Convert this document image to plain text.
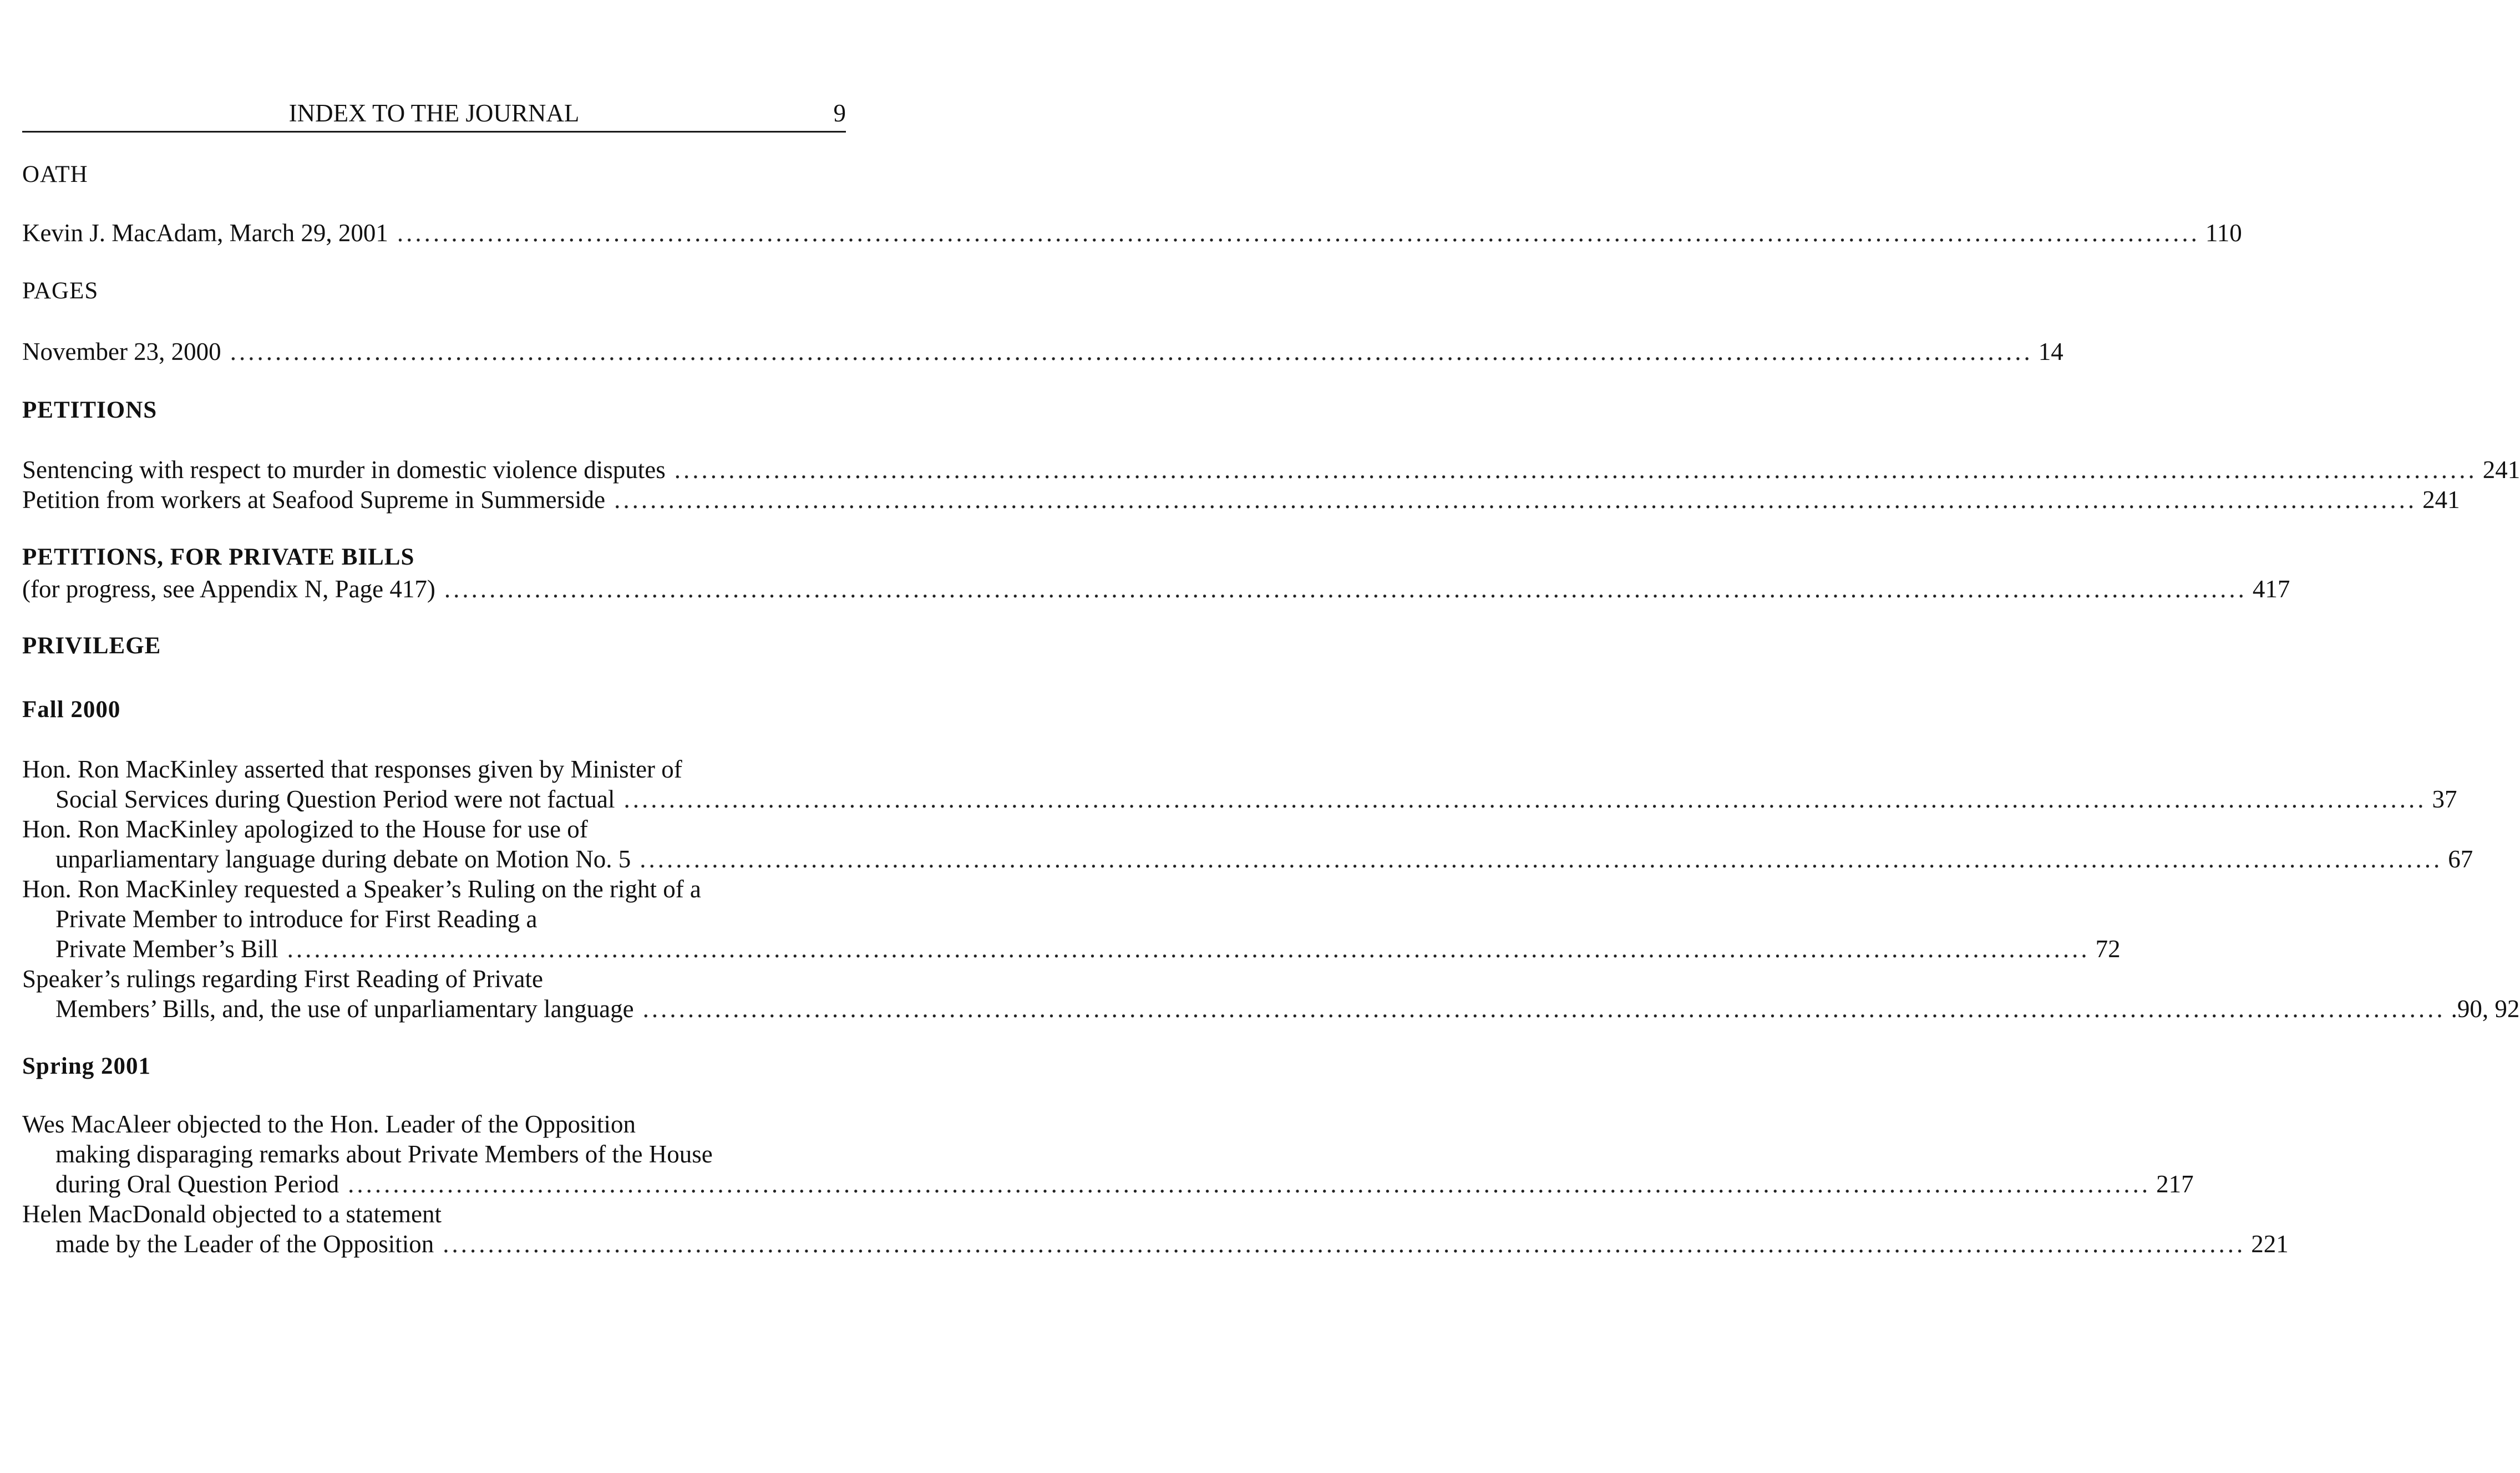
INDEX TO THE JOURNAL	9
OATH
Kevin J. MacAdam, March 29, 2001 ........................................................................................................................................................................................................ 110
PAGES
November 23, 2000 ........................................................................................................................................................................................................ 14
PETITIONS
Sentencing with respect to murder in domestic violence disputes ........................................................................................................................................................................................................ 241
Petition from workers at Seafood Supreme in Summerside ........................................................................................................................................................................................................ 241
PETITIONS, FOR PRIVATE BILLS
(for progress, see Appendix N, Page 417) ........................................................................................................................................................................................................ 417
PRIVILEGE
Fall 2000
Hon. Ron MacKinley asserted that responses given by Minister of
Social Services during Question Period were not factual ........................................................................................................................................................................................................ 37
Hon. Ron MacKinley apologized to the House for use of
unparliamentary language during debate on Motion No. 5 ........................................................................................................................................................................................................ 67
Hon. Ron MacKinley requested a Speaker’s Ruling on the right of a
Private Member to introduce for First Reading a
Private Member’s Bill ........................................................................................................................................................................................................ 72
Speaker’s rulings regarding First Reading of Private
Members’ Bills, and, the use of unparliamentary language ........................................................................................................................................................................................................ .90, 92
Spring 2001
Wes MacAleer objected to the Hon. Leader of the Opposition
making disparaging remarks about Private Members of the House
during Oral Question Period ........................................................................................................................................................................................................ 217
Helen MacDonald objected to a statement
made by the Leader of the Opposition ........................................................................................................................................................................................................ 221
